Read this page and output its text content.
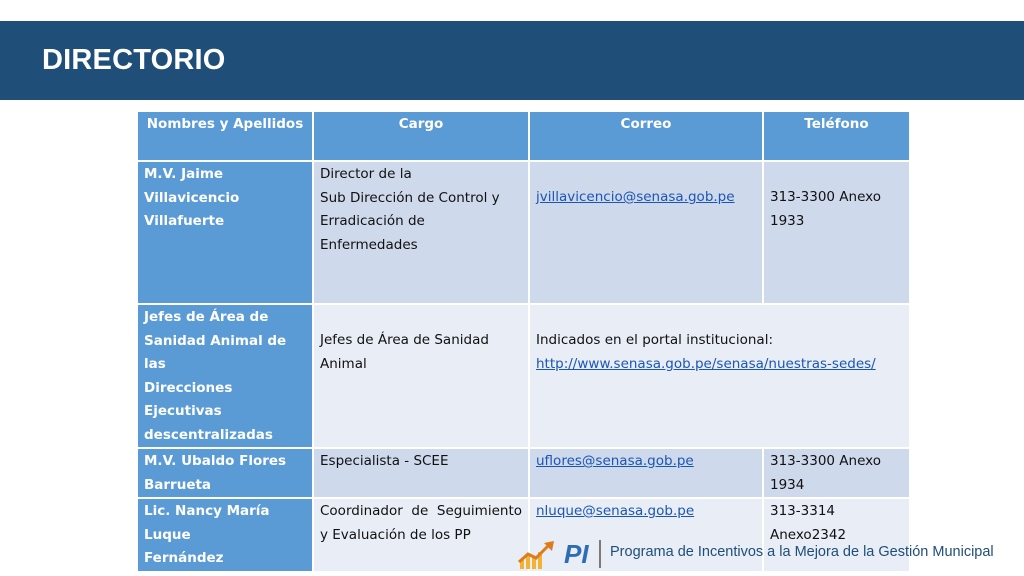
DIRECTORIO
Nombres y Apellidos	Cargo	Correo	Teléfono

M.V. Jaime
Villavicencio
Villafuerte	Director de la
Sub Dirección de Control y
Erradicación de
Enfermedades	jvillavicencio@senasa.gob.pe	313-3300 Anexo
1933

Jefes de Área de
Sanidad Animal de las
Direcciones Ejecutivas
descentralizadas	Jefes de Área de Sanidad
Animal	Indicados en el portal institucional:
http://www.senasa.gob.pe/senasa/nuestras-sedes/	

M.V. Ubaldo Flores
Barrueta	Especialista - SCEE	uflores@senasa.gob.pe	313-3300 Anexo
1934

Lic. Nancy María Luque
Fernández	Coordinador de Seguimiento
y Evaluación de los PP	nluque@senasa.gob.pe	313-3314
Anexo2342
PI Programa de Incentivos a la Mejora de la Gestión Municipal
